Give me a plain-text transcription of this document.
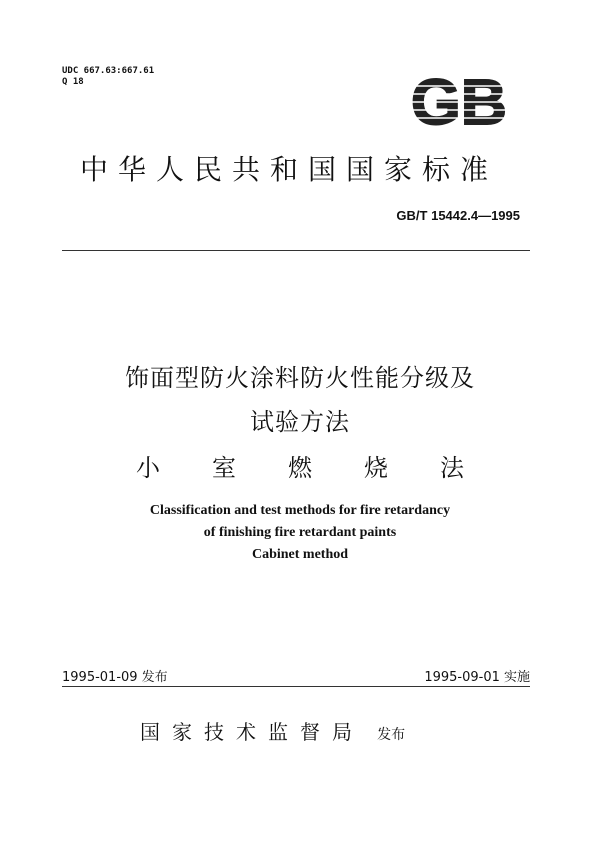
UDC 667.63:667.61
Q 18	GB
中华人民共和国国家标准
GB/T 15442.4—1995
饰面型防火涂料防火性能分级及
试验方法
小室燃烧法
Classification and test methods for fire retardancy
of finishing fire retardant paints
Cabinet method
1995-01-09 发布	1995-09-01 实施
国家技术监督局 发布
